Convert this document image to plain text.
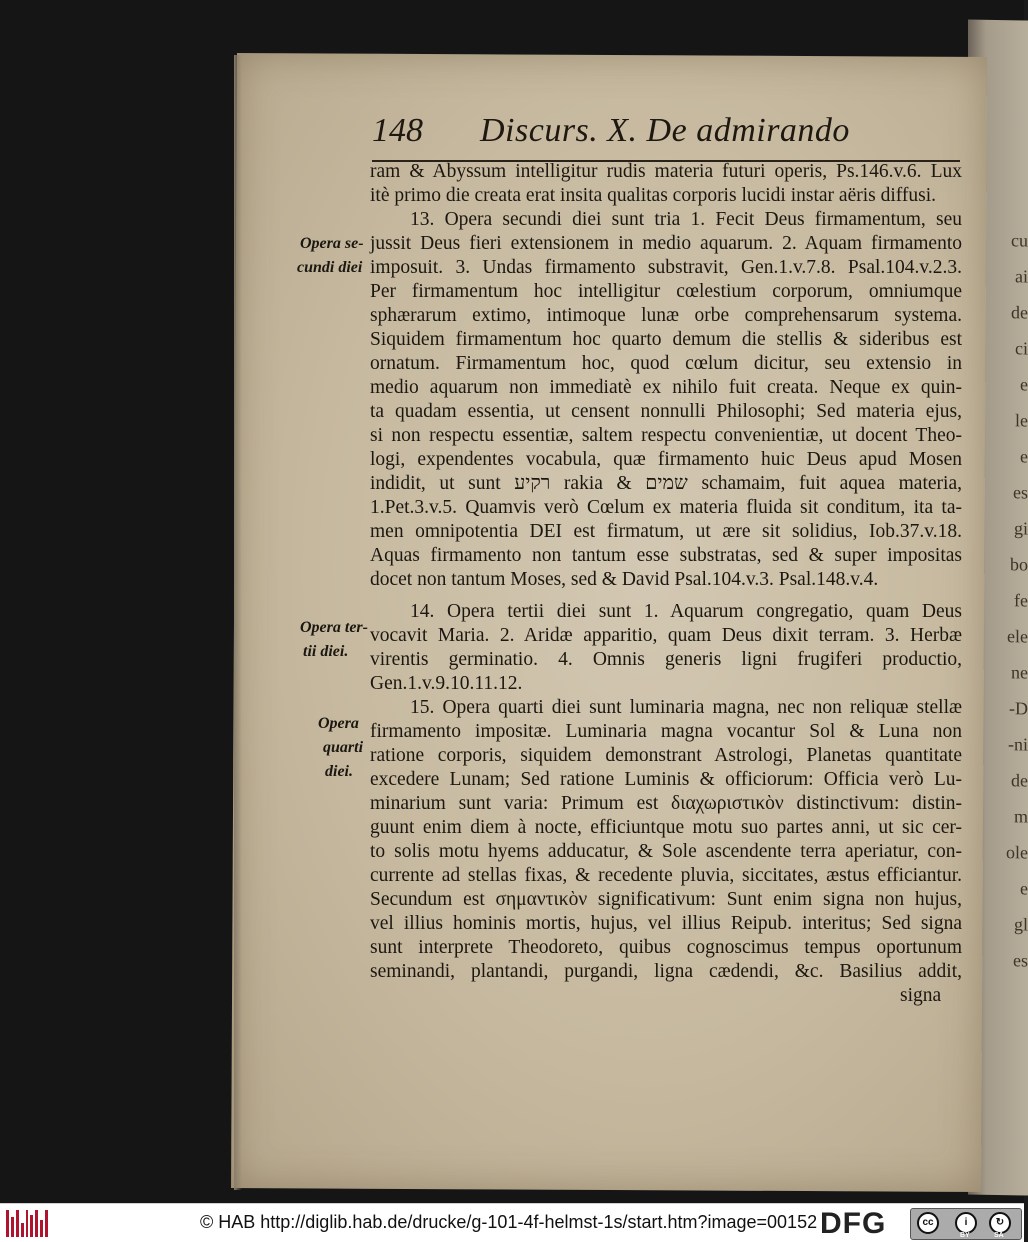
cu
ai
de
ci
e
le
e
es
gi
bo
fe
ele
ne
-D
-ni
de
m
ole
e
gl
es
148 Discurs. X. De admirando
ram & Abyssum intelligitur rudis materia futuri operis, Ps.146.v.6. Lux
itè primo die creata erat insita qualitas corporis lucidi instar aëris diffusi.
13. Opera secundi diei sunt tria 1. Fecit Deus firmamentum, seu
jussit Deus fieri extensionem in medio aquarum. 2. Aquam firmamento
imposuit. 3. Undas firmamento substravit, Gen.1.v.7.8. Psal.104.v.2.3.
Per firmamentum hoc intelligitur cœlestium corporum, omniumque
sphærarum extimo, intimoque lunæ orbe comprehensarum systema.
Siquidem firmamentum hoc quarto demum die stellis & sideribus est
ornatum. Firmamentum hoc, quod cœlum dicitur, seu extensio in
medio aquarum non immediatè ex nihilo fuit creata. Neque ex quin-
ta quadam essentia, ut censent nonnulli Philosophi; Sed materia ejus,
si non respectu essentiæ, saltem respectu convenientiæ, ut docent Theo-
logi, expendentes vocabula, quæ firmamento huic Deus apud Mosen
indidit, ut sunt רקיע rakia & שמים schamaim, fuit aquea materia,
1.Pet.3.v.5. Quamvis verò Cœlum ex materia fluida sit conditum, ita ta-
men omnipotentia DEI est firmatum, ut ære sit solidius, Iob.37.v.18.
Aquas firmamento non tantum esse substratas, sed & super impositas
docet non tantum Moses, sed & David Psal.104.v.3. Psal.148.v.4.
14. Opera tertii diei sunt 1. Aquarum congregatio, quam Deus
vocavit Maria. 2. Aridæ apparitio, quam Deus dixit terram. 3. Herbæ
virentis germinatio. 4. Omnis generis ligni frugiferi productio,
Gen.1.v.9.10.11.12.
15. Opera quarti diei sunt luminaria magna, nec non reliquæ stellæ
firmamento impositæ. Luminaria magna vocantur Sol & Luna non
ratione corporis, siquidem demonstrant Astrologi, Planetas quantitate
excedere Lunam; Sed ratione Luminis & officiorum: Officia verò Lu-
minarium sunt varia: Primum est διαχωριστικὸν distinctivum: distin-
guunt enim diem à nocte, efficiuntque motu suo partes anni, ut sic cer-
to solis motu hyems adducatur, & Sole ascendente terra aperiatur, con-
currente ad stellas fixas, & recedente pluvia, siccitates, æstus efficiantur.
Secundum est σημαντικὸν significativum: Sunt enim signa non hujus,
vel illius hominis mortis, hujus, vel illius Reipub. interitus; Sed signa
sunt interprete Theodoreto, quibus cognoscimus tempus oportunum
seminandi, plantandi, purgandi, ligna cædendi, &c. Basilius addit,
signa
Opera se-
cundi diei
Opera ter-
tii diei.
Opera
quarti
diei.
© HAB http://diglib.hab.de/drucke/g-101-4f-helmst-1s/start.htm?image=00152 DFG	cc	i	↻
BY	SA
